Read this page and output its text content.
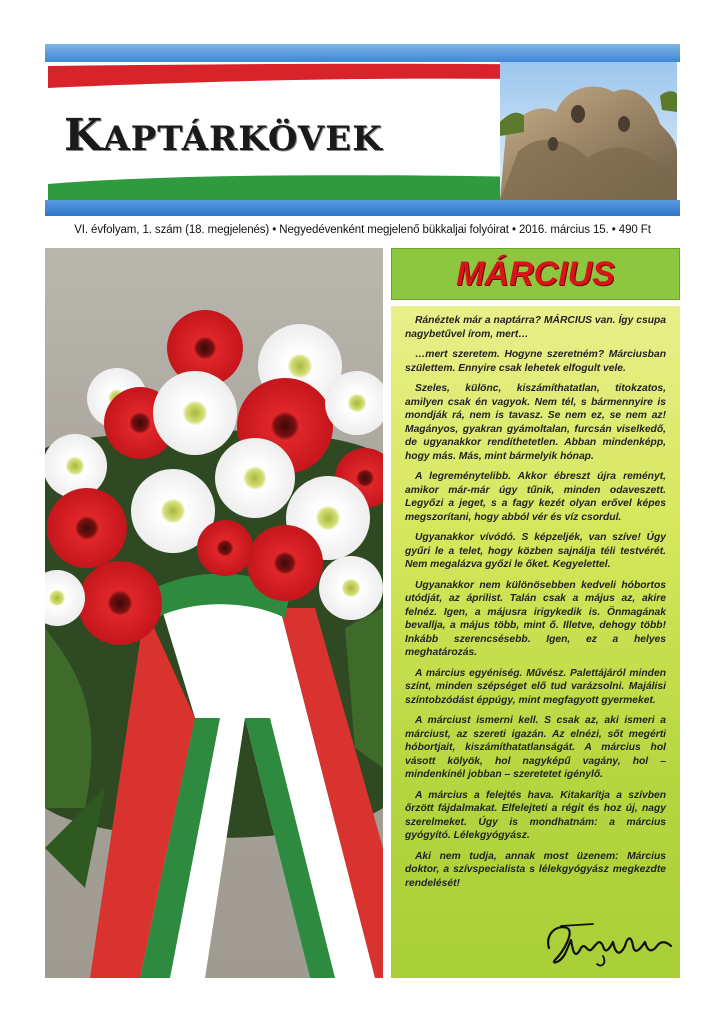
KAPTÁRKÖVEK
VI. évfolyam, 1. szám (18. megjelenés) • Negyedévenként megjelenő bükkaljai folyóirat • 2016. március 15. • 490 Ft
MÁRCIUS

Ránéztek már a naptárra? MÁRCIUS van. Így csupa nagybetűvel írom, mert…

…mert szeretem. Hogyne szeretném? Márciusban születtem. Ennyire csak lehetek elfogult vele.

Szeles, különc, kiszámíthatatlan, titokzatos, amilyen csak én vagyok. Nem tél, s bármennyire is mondják rá, nem is tavasz. Se nem ez, se nem az! Magányos, gyakran gyámoltalan, furcsán viselkedő, de ugyanakkor rendíthetetlen. Abban mindenképp, hogy más. Más, mint bármelyik hónap.

A legreménytelibb. Akkor ébreszt újra reményt, amikor már-már úgy tűnik, minden odaveszett. Legyőzi a jeget, s a fagy kezét olyan erővel képes megszorítani, hogy abból vér és víz csordul.

Ugyanakkor vívódó. S képzeljék, van szíve! Úgy gyűri le a telet, hogy közben sajnálja téli testvérét. Nem megalázva győzi le őket. Kegyelettel.

Ugyanakkor nem különösebben kedveli hóbortos utódját, az áprilist. Talán csak a május az, akire felnéz. Igen, a májusra irigykedik is. Önmagának bevallja, a május több, mint ő. Illetve, dehogy több! Inkább szerencsésebb. Igen, ez a helyes meghatározás.

A március egyéniség. Művész. Palettájáról minden színt, minden szépséget elő tud varázsolni. Majálisi színtobzódást éppúgy, mint megfagyott gyermeket.

A márciust ismerni kell. S csak az, aki ismeri a márciust, az szereti igazán. Az elnézi, sőt megérti hóbortjait, kiszámíthatatlanságát. A március hol vásott kölyök, hol nagyképű vagány, hol – mindenkinél jobban – szeretetet igénylő.

A március a felejtés hava. Kitakarítja a szívben őrzött fájdalmakat. Elfelejteti a régit és hoz új, nagy szerelmeket. Úgy is mondhatnám: a március gyógyító. Lélekgyógyász.

Aki nem tudja, annak most üzenem: Március doktor, a szívspecialista s lélekgyógyász megkezdte rendelését!
